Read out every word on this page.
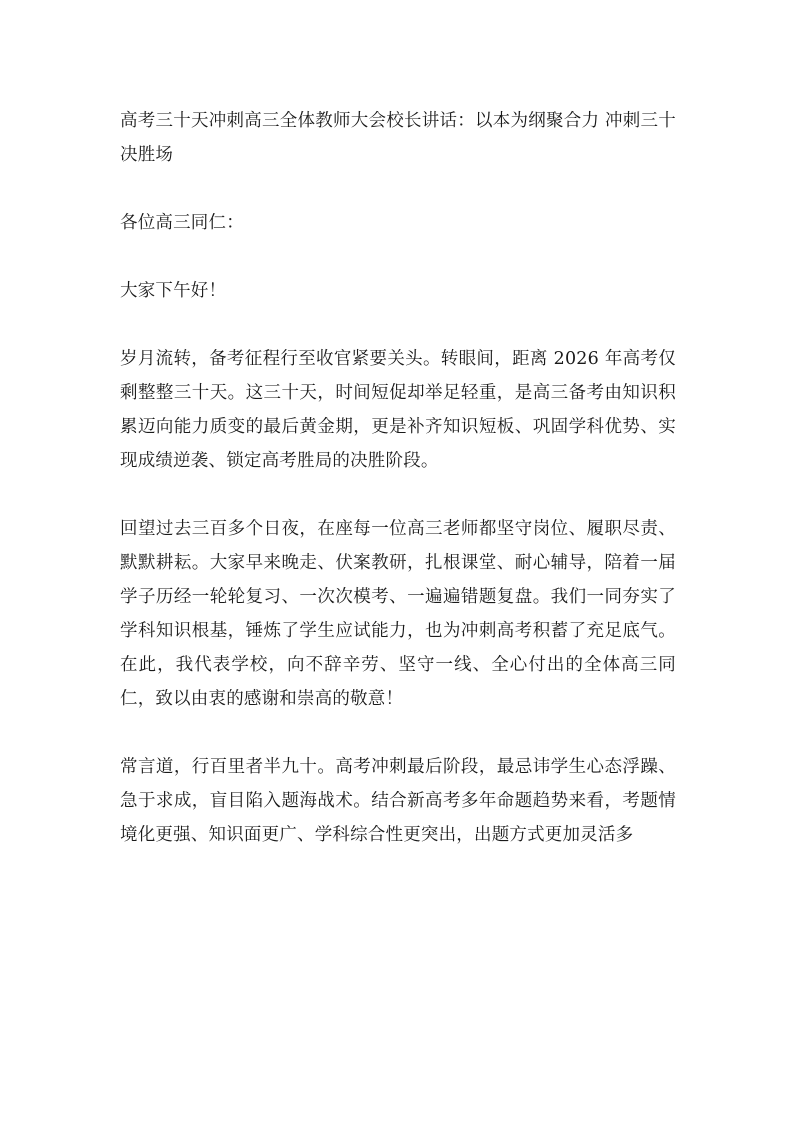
高考三十天冲刺高三全体教师大会校长讲话：以本为纲聚合力 冲刺三十决胜场

各位高三同仁：

大家下午好！

岁月流转，备考征程行至收官紧要关头。转眼间，距离 2026 年高考仅剩整整三十天。这三十天，时间短促却举足轻重，是高三备考由知识积累迈向能力质变的最后黄金期，更是补齐知识短板、巩固学科优势、实现成绩逆袭、锁定高考胜局的决胜阶段。

回望过去三百多个日夜，在座每一位高三老师都坚守岗位、履职尽责、默默耕耘。大家早来晚走、伏案教研，扎根课堂、耐心辅导，陪着一届学子历经一轮轮复习、一次次模考、一遍遍错题复盘。我们一同夯实了学科知识根基，锤炼了学生应试能力，也为冲刺高考积蓄了充足底气。在此，我代表学校，向不辞辛劳、坚守一线、全心付出的全体高三同仁，致以由衷的感谢和崇高的敬意！

常言道，行百里者半九十。高考冲刺最后阶段，最忌讳学生心态浮躁、急于求成，盲目陷入题海战术。结合新高考多年命题趋势来看，考题情境化更强、知识面更广、学科综合性更突出，出题方式更加灵活多
